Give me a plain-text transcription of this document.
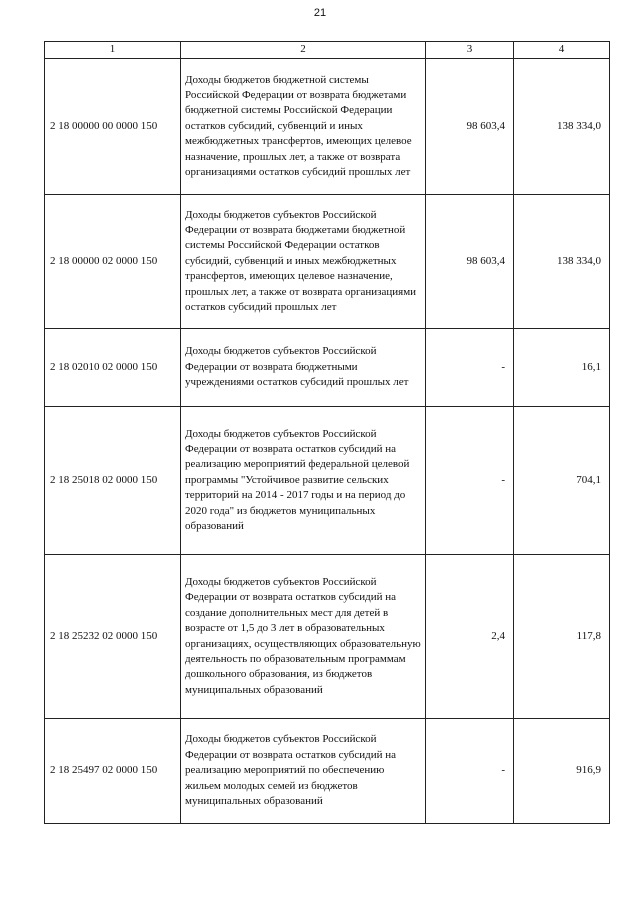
21
1	2	3	4
2 18 00000 00 0000 150	Доходы бюджетов бюджетной системы Российской Федерации от возврата бюджетами бюджетной системы Российской Федерации остатков субсидий, субвенций и иных межбюджетных трансфертов, имеющих целевое назначение, прошлых лет, а также от возврата организациями остатков субсидий прошлых лет	98 603,4	138 334,0
2 18 00000 02 0000 150	Доходы бюджетов субъектов Российской Федерации от возврата бюджетами бюджетной системы Российской Федерации остатков субсидий, субвенций и иных межбюджетных трансфертов, имеющих целевое назначение, прошлых лет, а также от возврата организациями остатков субсидий прошлых лет	98 603,4	138 334,0
2 18 02010 02 0000 150	Доходы бюджетов субъектов Российской Федерации от возврата бюджетными учреждениями остатков субсидий прошлых лет	-	16,1
2 18 25018 02 0000 150	Доходы бюджетов субъектов Российской Федерации от возврата остатков субсидий на реализацию мероприятий федеральной целевой программы "Устойчивое развитие сельских территорий на 2014 - 2017 годы и на период до 2020 года" из бюджетов муниципальных образований	-	704,1
2 18 25232 02 0000 150	Доходы бюджетов субъектов Российской Федерации от возврата остатков субсидий на создание дополнительных мест для детей в возрасте от 1,5 до 3 лет в образовательных организациях, осуществляющих образовательную деятельность по образовательным программам дошкольного образования, из бюджетов муниципальных образований	2,4	117,8
2 18 25497 02 0000 150	Доходы бюджетов субъектов Российской Федерации от возврата остатков субсидий на реализацию мероприятий по обеспечению жильем молодых семей из бюджетов муниципальных образований	-	916,9
